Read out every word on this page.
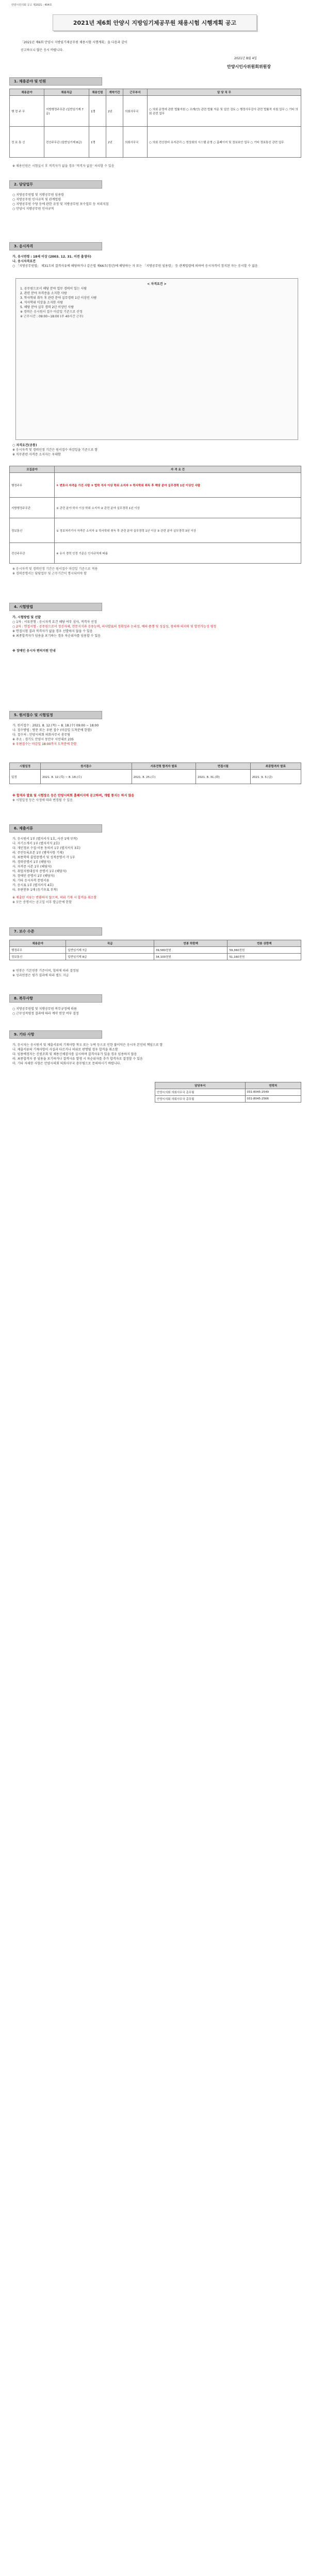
안양시민의회 공고 제2021 - 404호
2021년 제6회 안양시 지방임기제공무원 채용시험 시행계획 공고

「2021년 제6회 안양시 지방임기제공무원 채용시험 시행계획」을 다음과 같이

공고하오니 많은 응시 바랍니다.

2021년 8월 4일
안양시인사위원회위원장
1. 채용분야 및 인원
채용분야	채용직급	채용인원	계약기간	근무부서	담 당 직 무
행 정 주 무	지방행정주무관 (일반임기제 7급)	1명	2년	의회사무국	○ 의회 운영에 관한 법률지원 ○ 조례(안) 관련 법률 자문 및 입안 검토 ○ 행정사무감사 관련 법률적 지원 업무 ○ 기타 의회 관련 업무
정 보 통 신	전산주무관 (일반임기제 8급)	1명	2년	의회사무국	○ 의회 전산장비 유지관리 ○ 영상회의 시스템 운영 ○ 홈페이지 및 정보보안 업무 ○ 기타 정보통신 관련 업무
※ 채용인원은 시험실시 후 적격자가 없을 경우 '적격자 없음' 처리할 수 있음
2. 담당업무

○ 지방공무원법 및 지방공무원 임용령

○ 지방공무원 인사규칙 및 관계법령

○ 지방공무원 수당 등에 관한 규정 및 지방공무원 보수업무 등 처리지침

○ 안양시 지방공무원 인사규칙

3. 응시자격

가. 응시연령 : 18세 이상 (2003. 12. 31. 이전 출생자)

나. 응시자격요건

○ 「지방공무원법」 제31조의 결격사유에 해당하거나 같은법 제66조(정년)에 해당하는 자 또는 「지방공무원 임용령」 등 관계법령에 의하여 응시자격이 정지된 자는 응시할 수 없음

< 자격요건 >

1. 공무원으로서 해당 분야 업무 경력이 있는 사람

2. 관련 분야 자격증을 소지한 사람

3. 학사학위 취득 후 관련 분야 실무경력 1년 이상인 사람

4. 석사학위 이상을 소지한 사람

5. 해당 분야 실무 경력 2년 이상인 사람

※ 경력은 응시원서 접수 마감일 기준으로 산정

※ 근무시간 : 09:00~18:00 (주 40시간 근무)

○ 자격요건(공통)

※ 응시자격 및 경력인정 기간은 원서접수 마감일을 기준으로 함

※ 직무관련 자격증 소지자는 우대함

모집분야	자 격 요 건
행정주무	① 변호사 자격을 가진 사람 ② 법학 석사 이상 학위 소지자 ③ 학사학위 취득 후 해당 분야 실무경력 1년 이상인 사람
지방행정주무관	① 관련 분야 학사 이상 학위 소지자 ② 관련 분야 실무경력 1년 이상
정보통신	① 정보처리기사 자격증 소지자 ② 학사학위 취득 후 관련 분야 실무경력 1년 이상 ③ 관련 분야 실무경력 3년 이상
전산주무관	※ 유사 경력 인정 기준은 인사규칙에 따름

※ 응시자격 및 경력인정 기간은 원서접수 마감일 기준으로 적용

※ 경력증명서는 담당업무 및 근무기간이 명시되어야 함

4. 시험방법

가. 시험방법 및 선발

○ 1차 : 서류전형 - 응시자격 요건 해당 여부 심사, 적격자 선정

○ 2차 : 면접시험 - 공무원으로서 정신자세, 전문지식과 응용능력, 의사발표의 정확성과 논리성, 예의·품행 및 성실성, 창의력·의지력 및 발전가능성 평정

※ 면접시험 결과 적격자가 없을 경우 선발하지 않을 수 있음

※ 최종합격자가 임용을 포기하는 경우 차순위자를 임용할 수 있음

※ 장애인 응시자 편의지원 안내

5. 원서접수 및 시험일정

가. 원서접수 : 2021. 8. 12.(목) ~ 8. 18.(수) 09:00 ~ 18:00

나. 접수방법 : 방문 또는 우편 접수 (마감일 도착분에 한함)

다. 접수처 : 안양시의회 의회사무국 총무팀

※ 주소 : 경기도 안양시 동안구 시민대로 235

※ 우편접수는 마감일 18:00까지 도착분에 한함

시험일정	원서접수	서류전형 합격자 발표	면접시험	최종합격자 발표
일정	2021. 8. 12.(목) ~ 8. 18.(수)	2021. 8. 25.(수)	2021. 8. 31.(화)	2021. 9. 3.(금)

※ 합격자 발표 및 시험장소 등은 안양시의회 홈페이지에 공고하며, 개별 통지는 하지 않음

※ 시험일정 등은 사정에 따라 변경될 수 있음

6. 제출서류

가. 응시원서 1부 (별지서식 1호, 사진 1매 부착)

나. 자기소개서 1부 (별지서식 2호)

다. 개인정보 수집·이용 동의서 1부 (별지서식 3호)

라. 주민등록초본 1부 (병역사항 기재)

마. 최종학력 졸업증명서 및 성적증명서 각 1부

바. 경력증명서 1부 (해당자)

사. 자격증 사본 1부 (해당자)

아. 취업지원대상자 증명서 1부 (해당자)

자. 장애인 증명서 1부 (해당자)

차. 기타 응시자격 증빙서류

카. 응시표 1부 (별지서식 4호)

타. 우편봉투 1매 (등기우표 부착)

※ 제출된 서류는 반환하지 않으며, 허위 기재 시 합격을 취소함

※ 모든 증명서는 공고일 이후 발급분에 한함

7. 보수 수준
채용분야	직급	연봉 하한액	연봉 상한액
행정주무	일반임기제 7급	39,580천원	59,360천원
정보통신	일반임기제 8급	34,100천원	51,160천원

※ 연봉은 기본연봉 기준이며, 협의에 따라 결정됨

※ 성과연봉은 평가 결과에 따라 별도 지급

8. 복무사항

○ 지방공무원법 및 지방공무원 복무규정에 따름

○ 근무성적평정 결과에 따라 계약 연장 여부 결정

9. 기타 사항

가. 응시자는 응시원서 및 제출서류의 기재사항 착오 또는 누락 등으로 인한 불이익은 응시자 본인의 책임으로 함

나. 제출서류의 기재사항이 사실과 다르거나 허위로 판명될 경우 합격을 취소함

다. 임용예정자는 신원조회 및 채용신체검사를 실시하며 결격사유가 있을 경우 임용하지 않음

라. 최종합격자 중 임용을 포기하거나 결격사유 발생 시 차순위자를 추가 합격자로 결정할 수 있음

마. 기타 자세한 사항은 안양시의회 의회사무국 총무팀으로 문의하시기 바랍니다.

담당부서	연락처
안양시의회 의회사무국 총무팀	031-8045-2549
안양시의회 의회사무국 총무팀	031-8045-2566
